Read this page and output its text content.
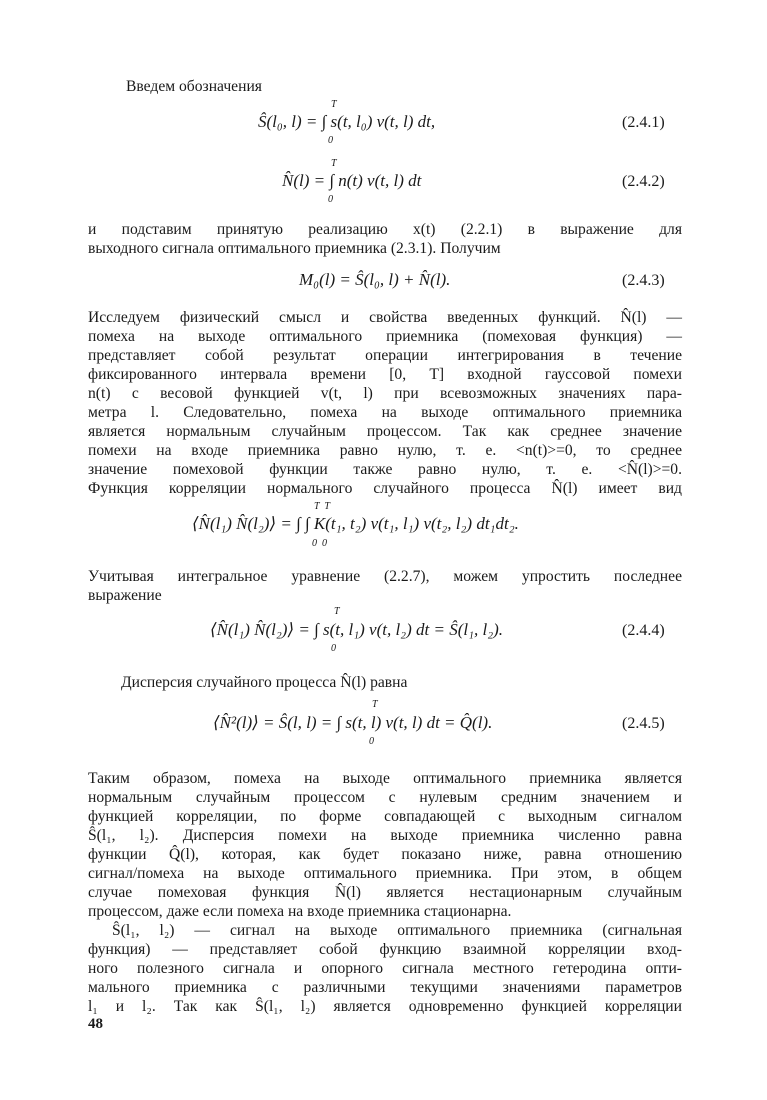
Введем обозначения
T
Ŝ(l₀, l) = ∫ s(t, l₀) v(t, l) dt,
0
(2.4.1)
T
N̂(l) = ∫ n(t) v(t, l) dt
0
(2.4.2)
и подставим принятую реализацию x(t) (2.2.1) в выражение для
выходного сигнала оптимального приемника (2.3.1). Получим
M₀(l) = Ŝ(l₀, l) + N̂(l).	(2.4.3)
Исследуем физический смысл и свойства введенных функций. N̂(l) —
помеха на выходе оптимального приемника (помеховая функция) —
представляет собой результат операции интегрирования в течение
фиксированного интервала времени [0, T] входной гауссовой помехи
n(t) с весовой функцией v(t, l) при всевозможных значениях пара-
метра l. Следовательно, помеха на выходе оптимального приемника
является нормальным случайным процессом. Так как среднее значение
помехи на входе приемника равно нулю, т. е. <n(t)>=0, то среднее
значение помеховой функции также равно нулю, т. е. <N̂(l)>=0.
Функция корреляции нормального случайного процесса N̂(l) имеет вид
T  T
⟨N̂(l₁) N̂(l₂)⟩ = ∫ ∫ K(t₁, t₂) v(t₁, l₁) v(t₂, l₂) dt₁dt₂.
0  0
Учитывая интегральное уравнение (2.2.7), можем упростить последнее
выражение
T
⟨N̂(l₁) N̂(l₂)⟩ = ∫ s(t, l₁) v(t, l₂) dt = Ŝ(l₁, l₂).
0
(2.4.4)
Дисперсия случайного процесса N̂(l) равна
T
⟨N̂²(l)⟩ = Ŝ(l, l) = ∫ s(t, l) v(t, l) dt = Q̂(l).
0
(2.4.5)
Таким образом, помеха на выходе оптимального приемника является
нормальным случайным процессом с нулевым средним значением и
функцией корреляции, по форме совпадающей с выходным сигналом
Ŝ(l₁, l₂). Дисперсия помехи на выходе приемника численно равна
функции Q̂(l), которая, как будет показано ниже, равна отношению
сигнал/помеха на выходе оптимального приемника. При этом, в общем
случае помеховая функция N̂(l) является нестационарным случайным
процессом, даже если помеха на входе приемника стационарна.
Ŝ(l₁, l₂) — сигнал на выходе оптимального приемника (сигнальная
функция) — представляет собой функцию взаимной корреляции вход-
ного полезного сигнала и опорного сигнала местного гетеродина опти-
мального приемника с различными текущими значениями параметров
l₁ и l₂. Так как Ŝ(l₁, l₂) является одновременно функцией корреляции
48
